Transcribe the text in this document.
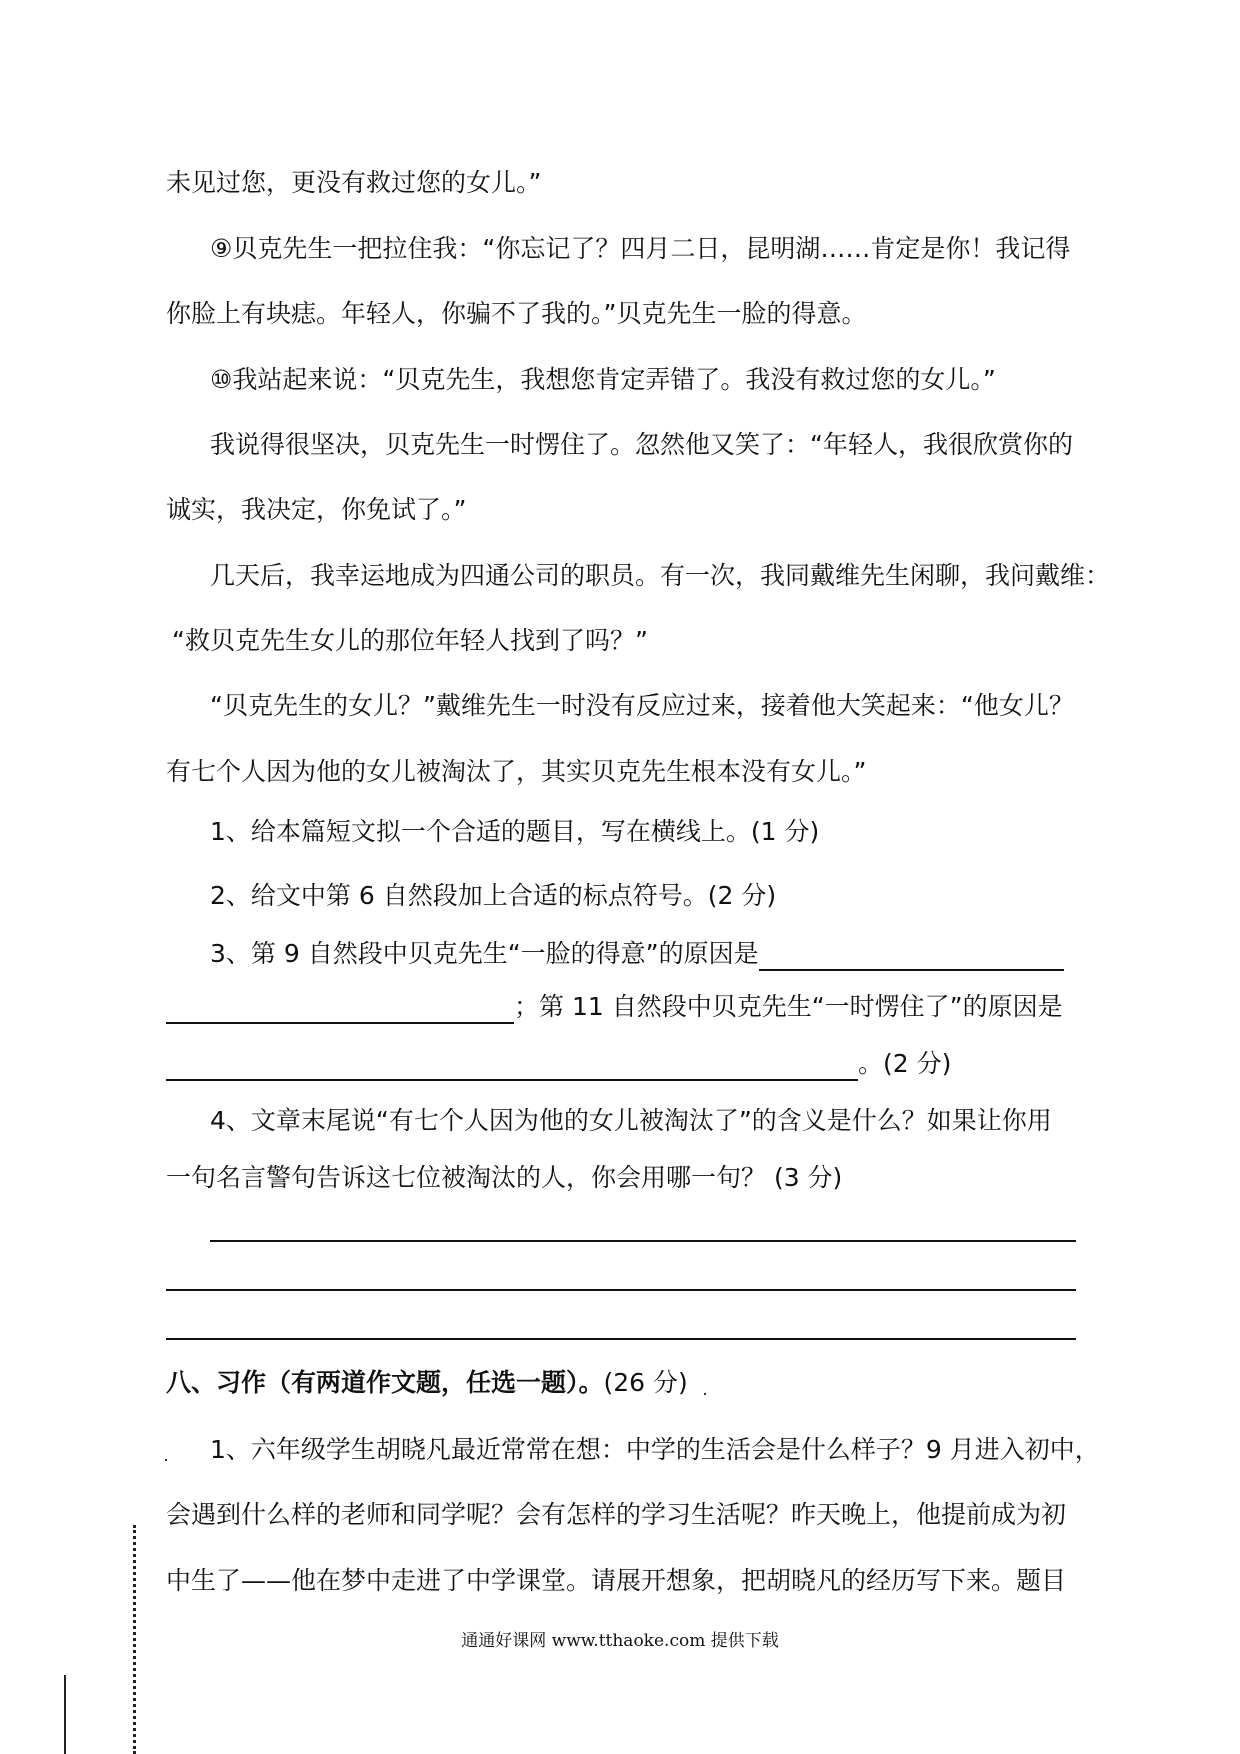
未见过您，更没有救过您的女儿。”
⑨贝克先生一把拉住我：“你忘记了？四月二日，昆明湖……肯定是你！我记得
你脸上有块痣。年轻人，你骗不了我的。”贝克先生一脸的得意。
⑩我站起来说：“贝克先生，我想您肯定弄错了。我没有救过您的女儿。”
我说得很坚决，贝克先生一时愣住了。忽然他又笑了：“年轻人，我很欣赏你的
诚实，我决定，你免试了。”
几天后，我幸运地成为四通公司的职员。有一次，我同戴维先生闲聊，我问戴维：
“救贝克先生女儿的那位年轻人找到了吗？”
“贝克先生的女儿？”戴维先生一时没有反应过来，接着他大笑起来：“他女儿？
有七个人因为他的女儿被淘汰了，其实贝克先生根本没有女儿。”
1、给本篇短文拟一个合适的题目，写在横线上。(1 分)
2、给文中第 6 自然段加上合适的标点符号。(2 分)
3、第 9 自然段中贝克先生“一脸的得意”的原因是
；第 11 自然段中贝克先生“一时愣住了”的原因是
。(2 分)
4、文章末尾说“有七个人因为他的女儿被淘汰了”的含义是什么？如果让你用
一句名言警句告诉这七位被淘汰的人，你会用哪一句？ (3 分)
八、习作（有两道作文题，任选一题）。(26 分)
1、六年级学生胡晓凡最近常常在想：中学的生活会是什么样子？9 月进入初中，
会遇到什么样的老师和同学呢？会有怎样的学习生活呢？昨天晚上，他提前成为初
中生了——他在梦中走进了中学课堂。请展开想象，把胡晓凡的经历写下来。题目
通通好课网 www.tthaoke.com 提供下载
